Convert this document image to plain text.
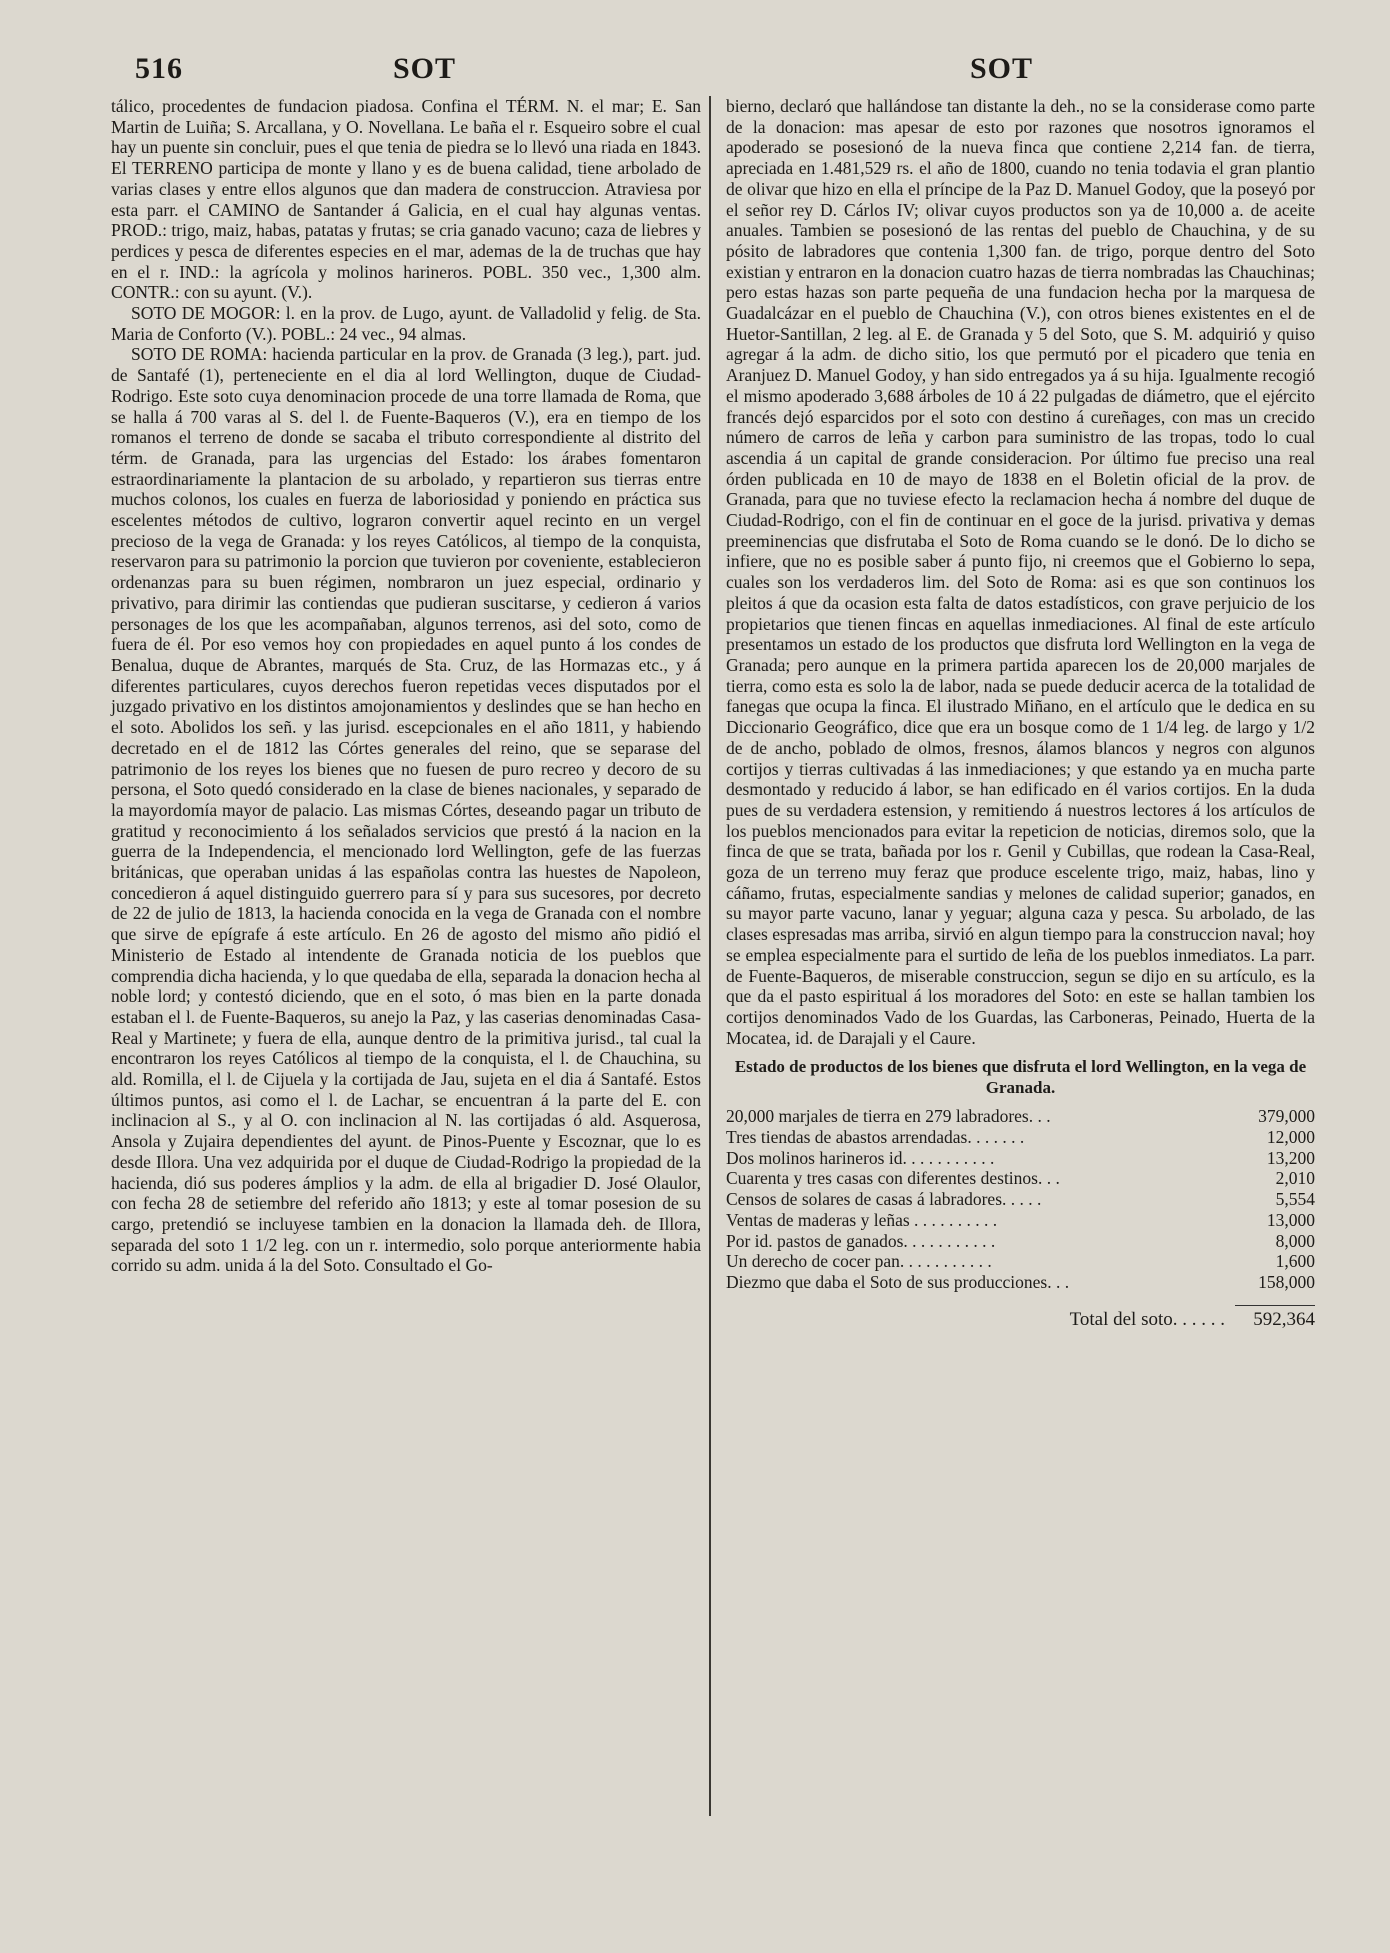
516	SOT	SOT

tálico, procedentes de fundacion piadosa. Confina el TÉRM. N. el mar; E. San Martin de Luiña; S. Arcallana, y O. Novellana. Le baña el r. Esqueiro sobre el cual hay un puente sin concluir, pues el que tenia de piedra se lo llevó una riada en 1843. El TERRENO participa de monte y llano y es de buena calidad, tiene arbolado de varias clases y entre ellos algunos que dan madera de construccion. Atraviesa por esta parr. el CAMINO de Santander á Galicia, en el cual hay algunas ventas. PROD.: trigo, maiz, habas, patatas y frutas; se cria ganado vacuno; caza de liebres y perdices y pesca de diferentes especies en el mar, ademas de la de truchas que hay en el r. IND.: la agrícola y molinos harineros. POBL. 350 vec., 1,300 alm. CONTR.: con su ayunt. (V.).

SOTO DE MOGOR: l. en la prov. de Lugo, ayunt. de Valladolid y felig. de Sta. Maria de Conforto (V.). POBL.: 24 vec., 94 almas.

SOTO DE ROMA: hacienda particular en la prov. de Granada (3 leg.), part. jud. de Santafé (1), perteneciente en el dia al lord Wellington, duque de Ciudad-Rodrigo. Este soto cuya denominacion procede de una torre llamada de Roma, que se halla á 700 varas al S. del l. de Fuente-Baqueros (V.), era en tiempo de los romanos el terreno de donde se sacaba el tributo correspondiente al distrito del térm. de Granada, para las urgencias del Estado: los árabes fomentaron estraordinariamente la plantacion de su arbolado, y repartieron sus tierras entre muchos colonos, los cuales en fuerza de laboriosidad y poniendo en práctica sus escelentes métodos de cultivo, lograron convertir aquel recinto en un vergel precioso de la vega de Granada: y los reyes Católicos, al tiempo de la conquista, reservaron para su patrimonio la porcion que tuvieron por coveniente, establecieron ordenanzas para su buen régimen, nombraron un juez especial, ordinario y privativo, para dirimir las contiendas que pudieran suscitarse, y cedieron á varios personages de los que les acompañaban, algunos terrenos, asi del soto, como de fuera de él. Por eso vemos hoy con propiedades en aquel punto á los condes de Benalua, duque de Abrantes, marqués de Sta. Cruz, de las Hormazas etc., y á diferentes particulares, cuyos derechos fueron repetidas veces disputados por el juzgado privativo en los distintos amojonamientos y deslindes que se han hecho en el soto. Abolidos los señ. y las jurisd. escepcionales en el año 1811, y habiendo decretado en el de 1812 las Córtes generales del reino, que se separase del patrimonio de los reyes los bienes que no fuesen de puro recreo y decoro de su persona, el Soto quedó considerado en la clase de bienes nacionales, y separado de la mayordomía mayor de palacio. Las mismas Córtes, deseando pagar un tributo de gratitud y reconocimiento á los señalados servicios que prestó á la nacion en la guerra de la Independencia, el mencionado lord Wellington, gefe de las fuerzas británicas, que operaban unidas á las españolas contra las huestes de Napoleon, concedieron á aquel distinguido guerrero para sí y para sus sucesores, por decreto de 22 de julio de 1813, la hacienda conocida en la vega de Granada con el nombre que sirve de epígrafe á este artículo. En 26 de agosto del mismo año pidió el Ministerio de Estado al intendente de Granada noticia de los pueblos que comprendia dicha hacienda, y lo que quedaba de ella, separada la donacion hecha al noble lord; y contestó diciendo, que en el soto, ó mas bien en la parte donada estaban el l. de Fuente-Baqueros, su anejo la Paz, y las caserias denominadas Casa-Real y Martinete; y fuera de ella, aunque dentro de la primitiva jurisd., tal cual la encontraron los reyes Católicos al tiempo de la conquista, el l. de Chauchina, su ald. Romilla, el l. de Cijuela y la cortijada de Jau, sujeta en el dia á Santafé. Estos últimos puntos, asi como el l. de Lachar, se encuentran á la parte del E. con inclinacion al S., y al O. con inclinacion al N. las cortijadas ó ald. Asquerosa, Ansola y Zujaira dependientes del ayunt. de Pinos-Puente y Escoznar, que lo es desde Illora. Una vez adquirida por el duque de Ciudad-Rodrigo la propiedad de la hacienda, dió sus poderes ámplios y la adm. de ella al brigadier D. José Olaulor, con fecha 28 de setiembre del referido año 1813; y este al tomar posesion de su cargo, pretendió se incluyese tambien en la donacion la llamada deh. de Illora, separada del soto 1 1/2 leg. con un r. intermedio, solo porque anteriormente habia corrido su adm. unida á la del Soto. Consultado el Go-

bierno, declaró que hallándose tan distante la deh., no se la considerase como parte de la donacion: mas apesar de esto por razones que nosotros ignoramos el apoderado se posesionó de la nueva finca que contiene 2,214 fan. de tierra, apreciada en 1.481,529 rs. el año de 1800, cuando no tenia todavia el gran plantio de olivar que hizo en ella el príncipe de la Paz D. Manuel Godoy, que la poseyó por el señor rey D. Cárlos IV; olivar cuyos productos son ya de 10,000 a. de aceite anuales. Tambien se posesionó de las rentas del pueblo de Chauchina, y de su pósito de labradores que contenia 1,300 fan. de trigo, porque dentro del Soto existian y entraron en la donacion cuatro hazas de tierra nombradas las Chauchinas; pero estas hazas son parte pequeña de una fundacion hecha por la marquesa de Guadalcázar en el pueblo de Chauchina (V.), con otros bienes existentes en el de Huetor-Santillan, 2 leg. al E. de Granada y 5 del Soto, que S. M. adquirió y quiso agregar á la adm. de dicho sitio, los que permutó por el picadero que tenia en Aranjuez D. Manuel Godoy, y han sido entregados ya á su hija. Igualmente recogió el mismo apoderado 3,688 árboles de 10 á 22 pulgadas de diámetro, que el ejército francés dejó esparcidos por el soto con destino á cureñages, con mas un crecido número de carros de leña y carbon para suministro de las tropas, todo lo cual ascendia á un capital de grande consideracion. Por último fue preciso una real órden publicada en 10 de mayo de 1838 en el Boletin oficial de la prov. de Granada, para que no tuviese efecto la reclamacion hecha á nombre del duque de Ciudad-Rodrigo, con el fin de continuar en el goce de la jurisd. privativa y demas preeminencias que disfrutaba el Soto de Roma cuando se le donó. De lo dicho se infiere, que no es posible saber á punto fijo, ni creemos que el Gobierno lo sepa, cuales son los verdaderos lim. del Soto de Roma: asi es que son continuos los pleitos á que da ocasion esta falta de datos estadísticos, con grave perjuicio de los propietarios que tienen fincas en aquellas inmediaciones. Al final de este artículo presentamos un estado de los productos que disfruta lord Wellington en la vega de Granada; pero aunque en la primera partida aparecen los de 20,000 marjales de tierra, como esta es solo la de labor, nada se puede deducir acerca de la totalidad de fanegas que ocupa la finca. El ilustrado Miñano, en el artículo que le dedica en su Diccionario Geográfico, dice que era un bosque como de 1 1/4 leg. de largo y 1/2 de de ancho, poblado de olmos, fresnos, álamos blancos y negros con algunos cortijos y tierras cultivadas á las inmediaciones; y que estando ya en mucha parte desmontado y reducido á labor, se han edificado en él varios cortijos. En la duda pues de su verdadera estension, y remitiendo á nuestros lectores á los artículos de los pueblos mencionados para evitar la repeticion de noticias, diremos solo, que la finca de que se trata, bañada por los r. Genil y Cubillas, que rodean la Casa-Real, goza de un terreno muy feraz que produce escelente trigo, maiz, habas, lino y cáñamo, frutas, especialmente sandias y melones de calidad superior; ganados, en su mayor parte vacuno, lanar y yeguar; alguna caza y pesca. Su arbolado, de las clases espresadas mas arriba, sirvió en algun tiempo para la construccion naval; hoy se emplea especialmente para el surtido de leña de los pueblos inmediatos. La parr. de Fuente-Baqueros, de miserable construccion, segun se dijo en su artículo, es la que da el pasto espiritual á los moradores del Soto: en este se hallan tambien los cortijos denominados Vado de los Guardas, las Carboneras, Peinado, Huerta de la Mocatea, id. de Darajali y el Caure.

Estado de productos de los bienes que disfruta el lord Wellington, en la vega de Granada.
20,000 marjales de tierra en 279 labradores. . .	379,000
Tres tiendas de abastos arrendadas. . . . . . .	12,000
Dos molinos harineros id. . . . . . . . . . .	13,200
Cuarenta y tres casas con diferentes destinos. . .	2,010
Censos de solares de casas á labradores. . . . .	5,554
Ventas de maderas y leñas . . . . . . . . . .	13,000
Por id. pastos de ganados. . . . . . . . . . .	8,000
Un derecho de cocer pan. . . . . . . . . . .	1,600
Diezmo que daba el Soto de sus producciones. . .	158,000
Total del soto. . . . . .	592,364
